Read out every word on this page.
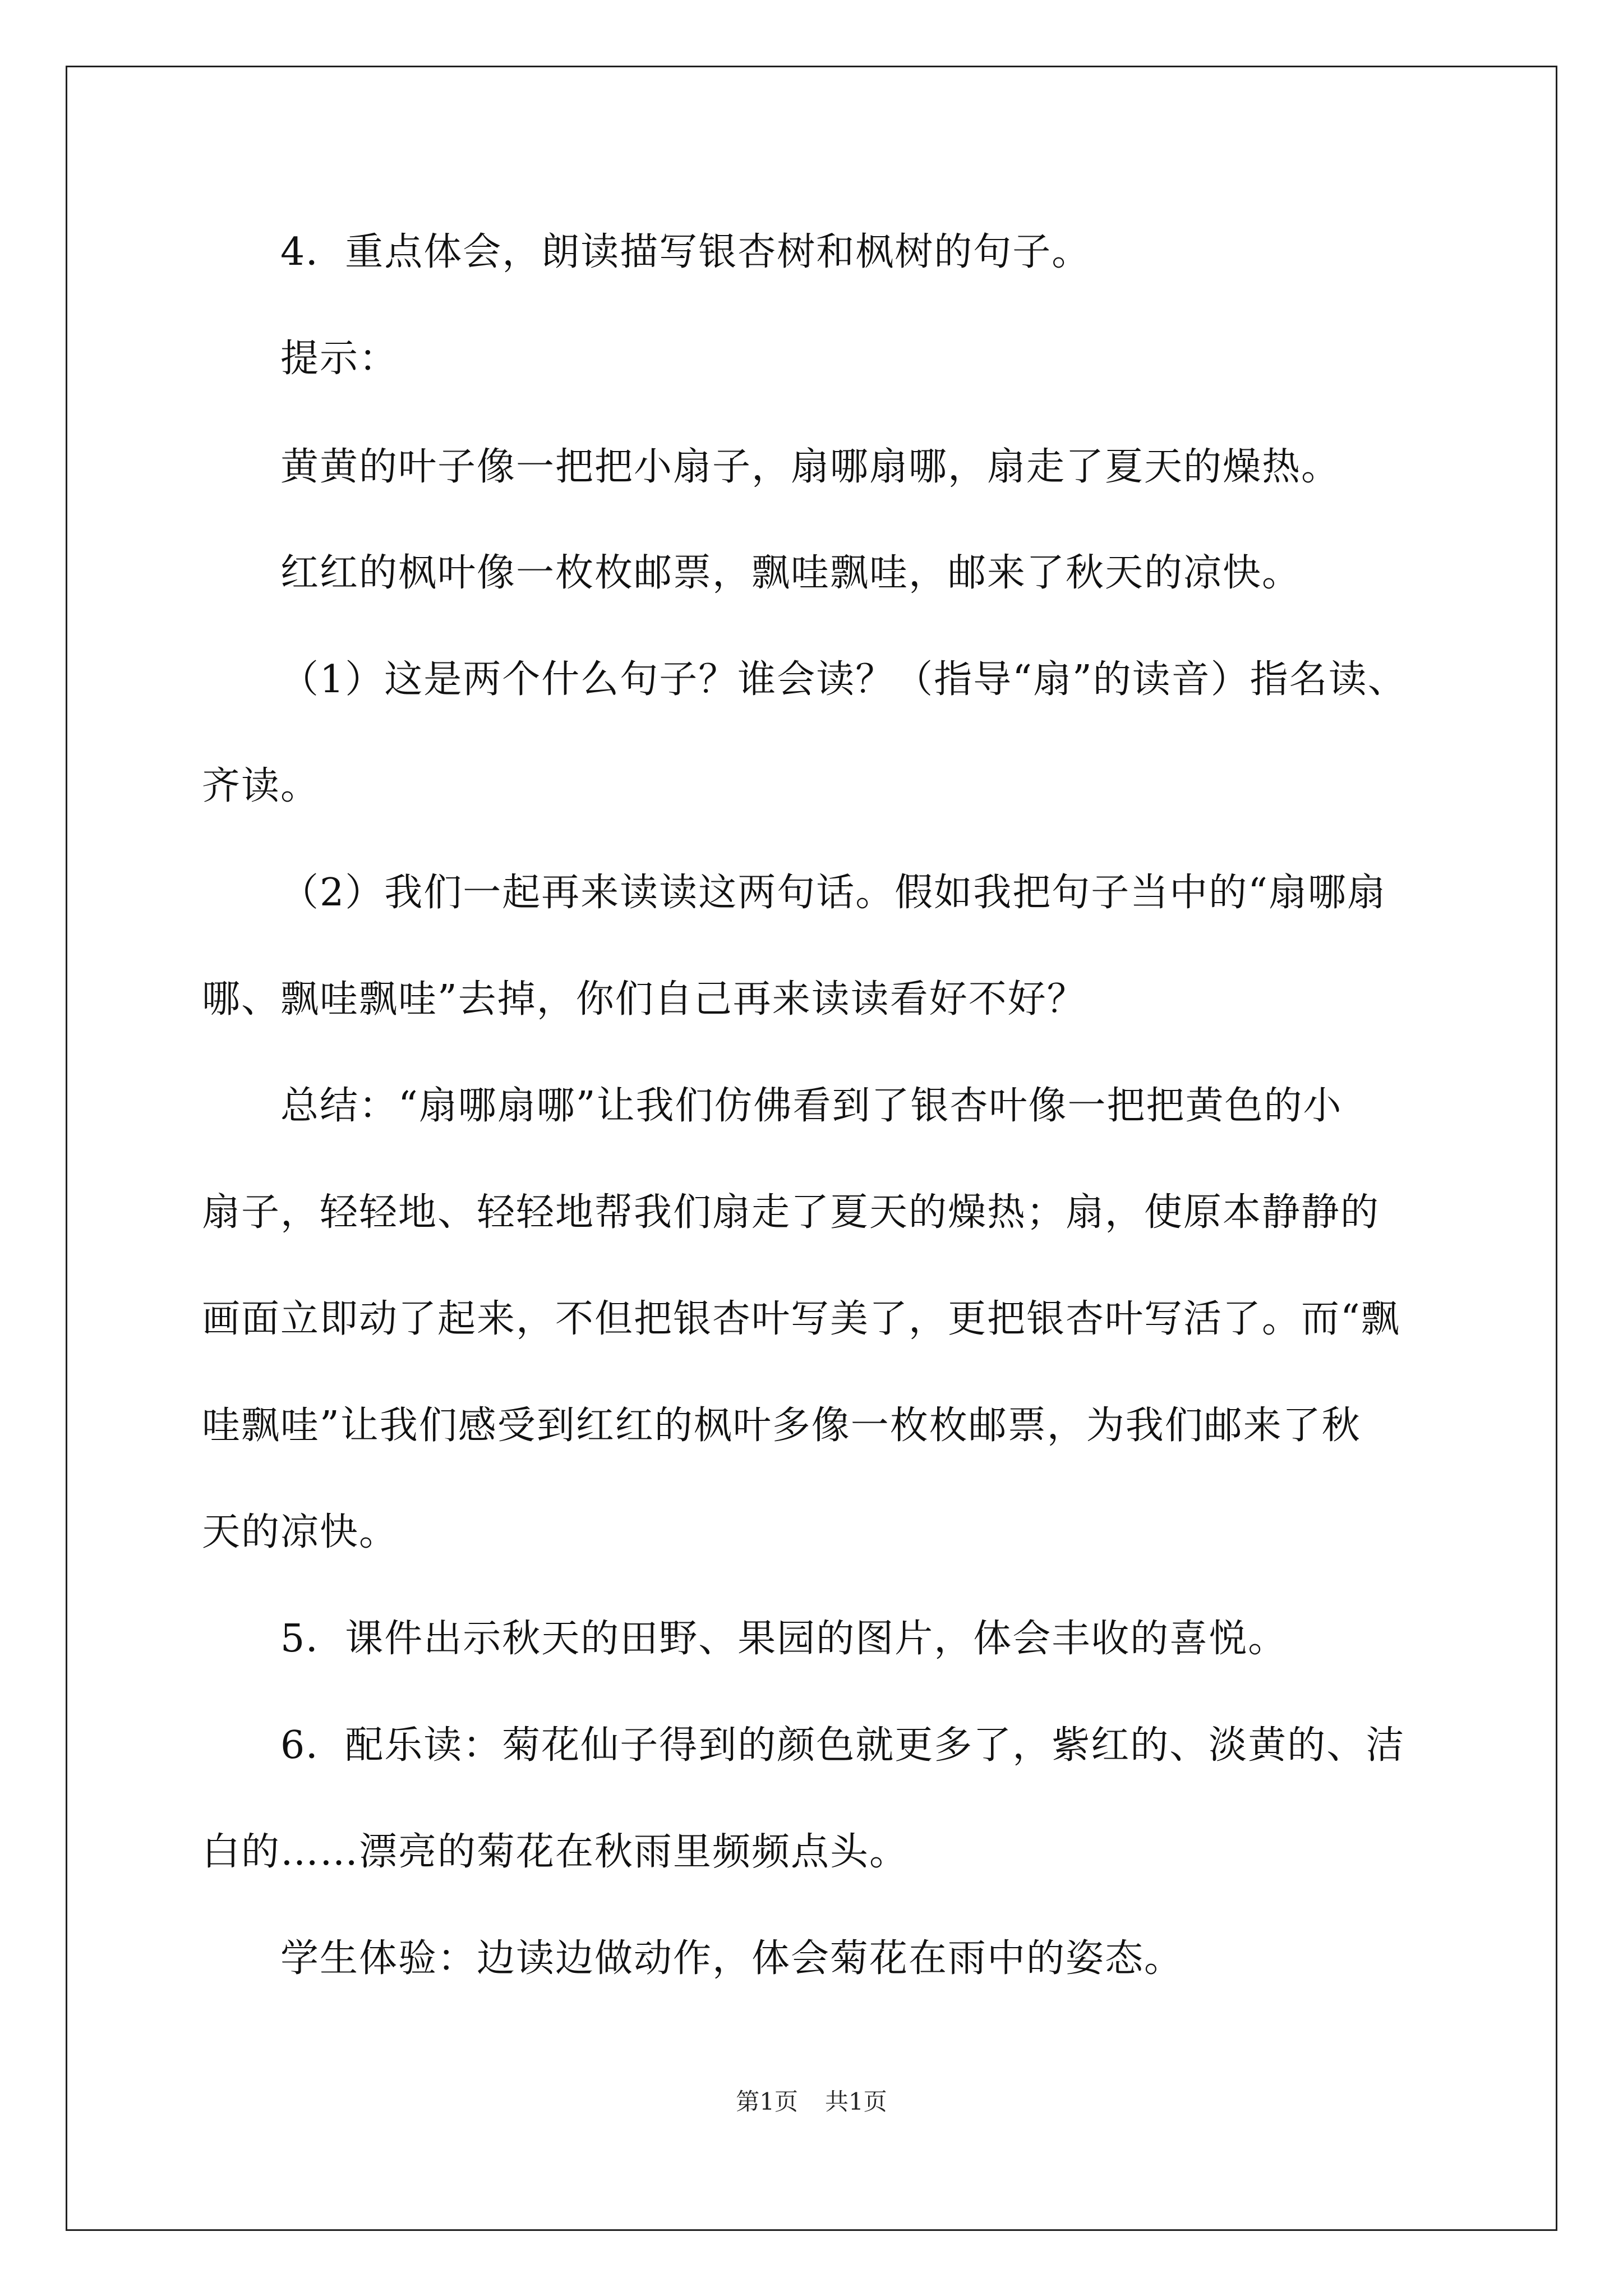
4．重点体会，朗读描写银杏树和枫树的句子。
提示：
黄黄的叶子像一把把小扇子，扇哪扇哪，扇走了夏天的燥热。
红红的枫叶像一枚枚邮票，飘哇飘哇，邮来了秋天的凉快。
（1）这是两个什么句子？谁会读？（指导“扇”的读音）指名读、
齐读。
（2）我们一起再来读读这两句话。假如我把句子当中的“扇哪扇
哪、飘哇飘哇”去掉，你们自己再来读读看好不好？
总结：“扇哪扇哪”让我们仿佛看到了银杏叶像一把把黄色的小
扇子，轻轻地、轻轻地帮我们扇走了夏天的燥热；扇，使原本静静的
画面立即动了起来，不但把银杏叶写美了，更把银杏叶写活了。而“飘
哇飘哇”让我们感受到红红的枫叶多像一枚枚邮票，为我们邮来了秋
天的凉快。
5．课件出示秋天的田野、果园的图片，体会丰收的喜悦。
6．配乐读：菊花仙子得到的颜色就更多了，紫红的、淡黄的、洁
白的……漂亮的菊花在秋雨里频频点头。
学生体验：边读边做动作，体会菊花在雨中的姿态。
第1页 共1页
